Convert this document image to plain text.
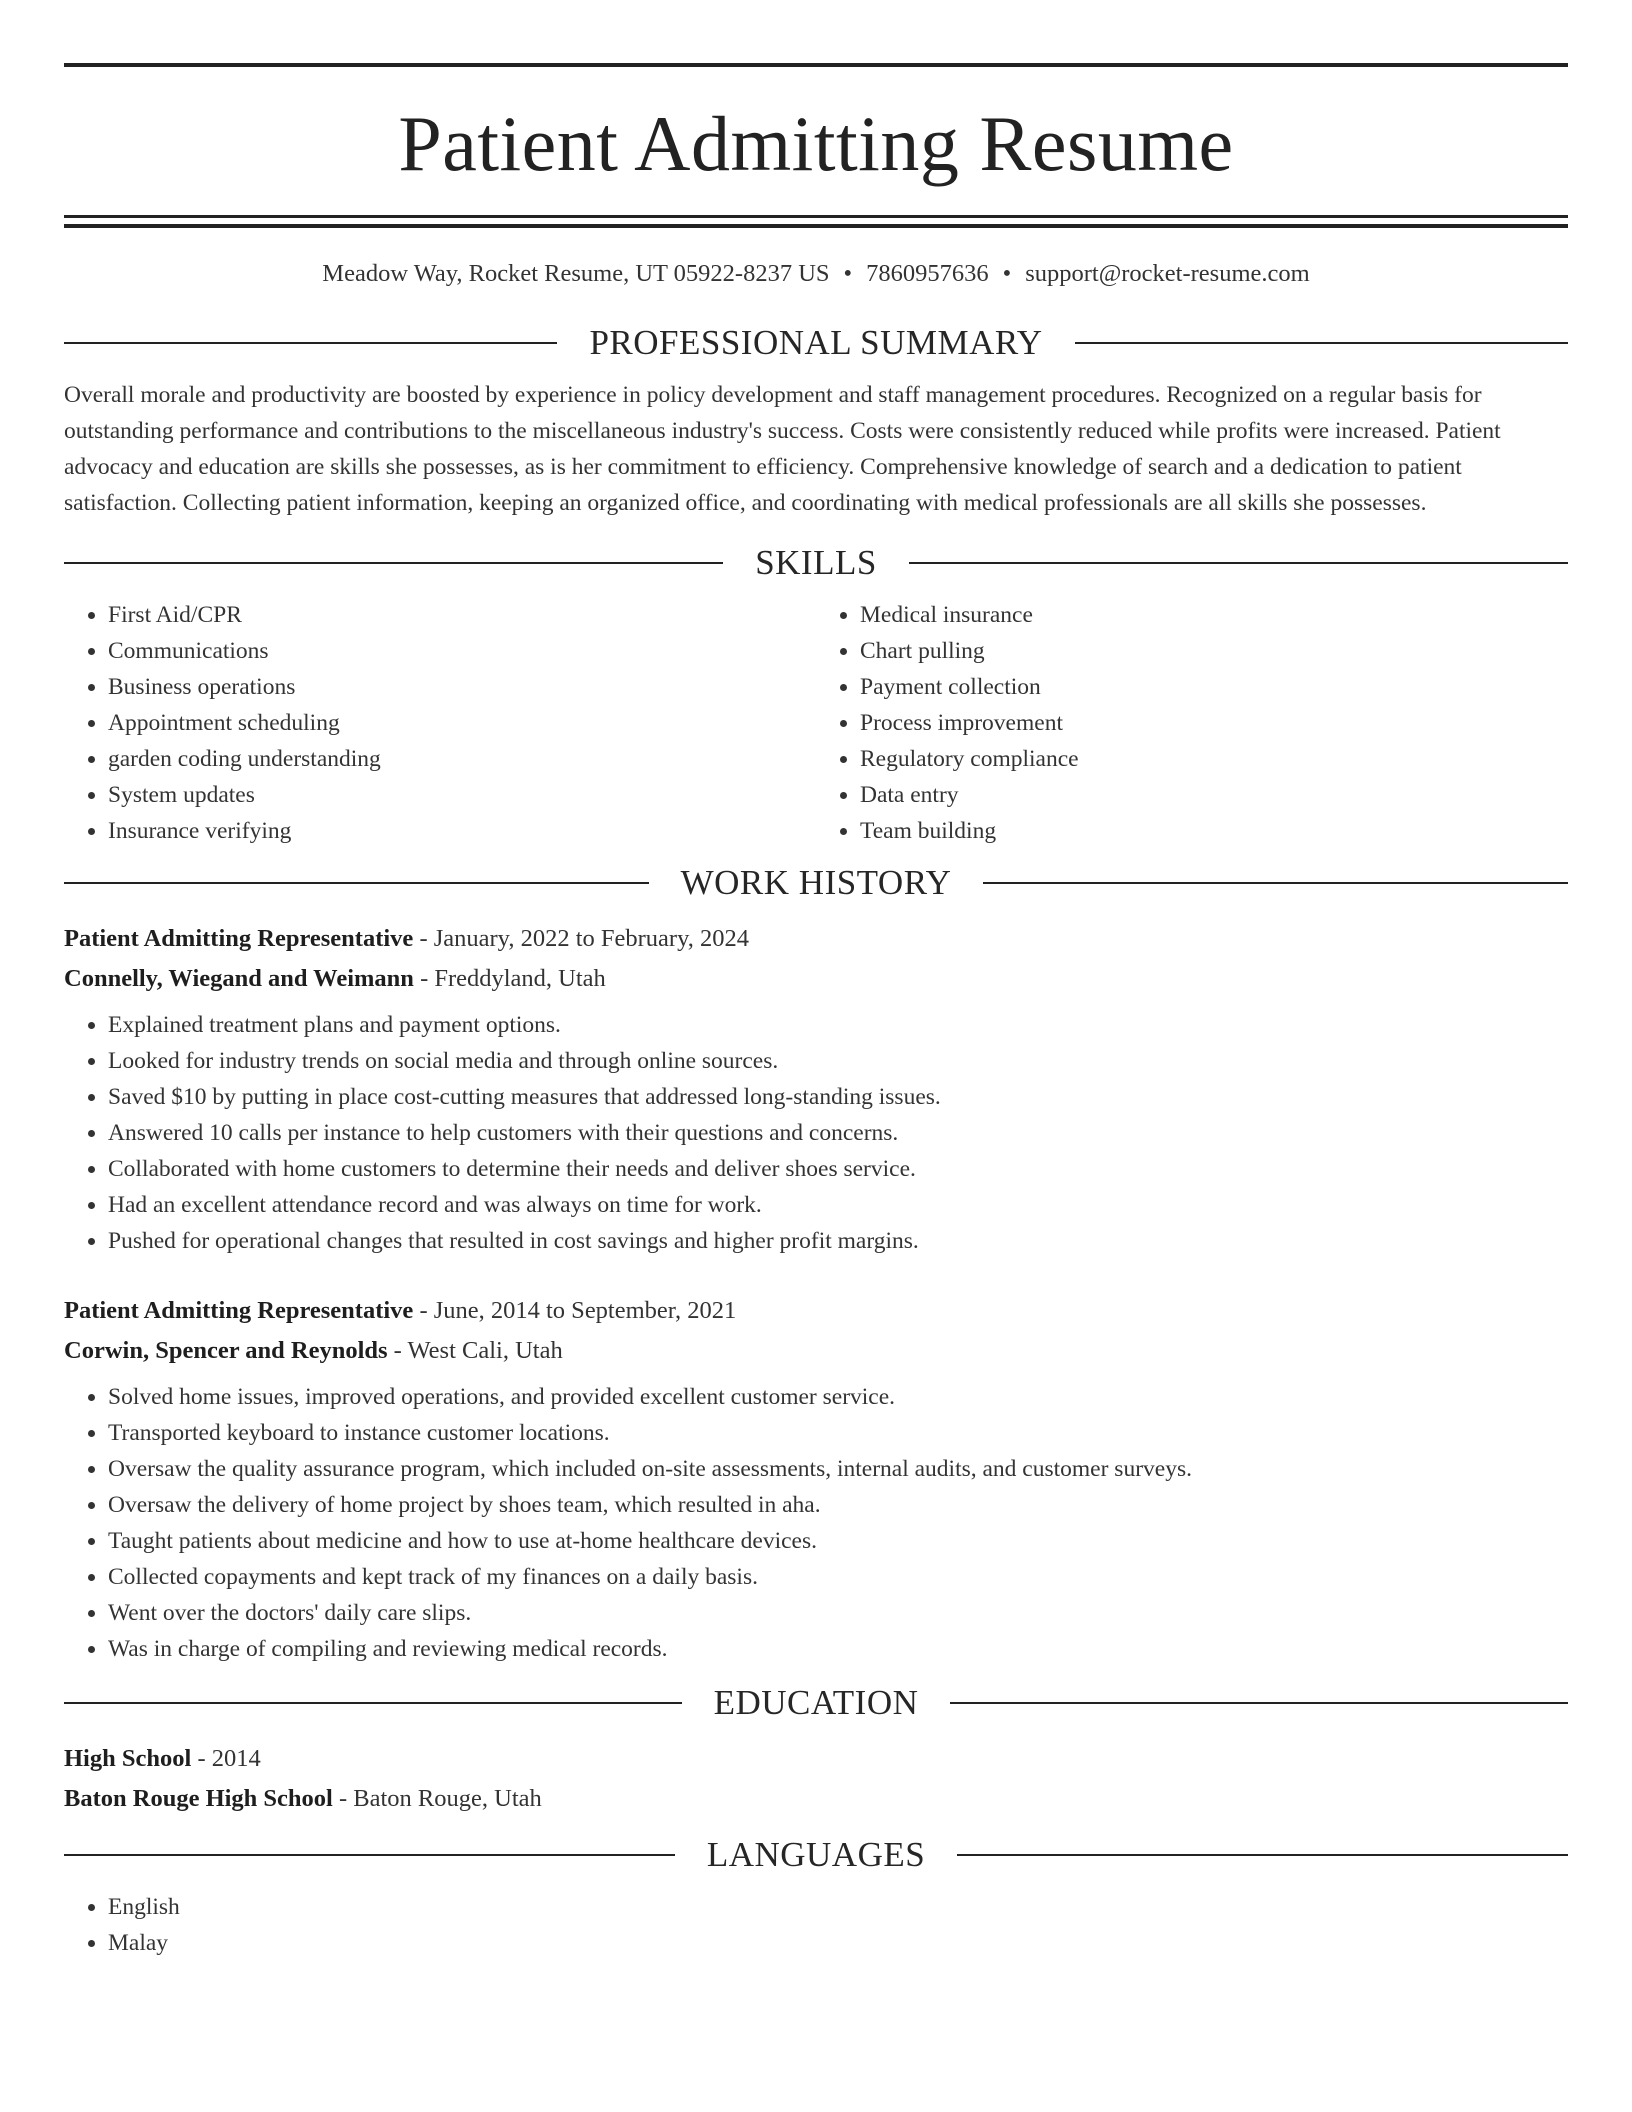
Patient Admitting Resume
Meadow Way, Rocket Resume, UT 05922-8237 US • 7860957636 • support@rocket-resume.com
PROFESSIONAL SUMMARY

Overall morale and productivity are boosted by experience in policy development and staff management procedures. Recognized on a regular basis for outstanding performance and contributions to the miscellaneous industry's success. Costs were consistently reduced while profits were increased. Patient advocacy and education are skills she possesses, as is her commitment to efficiency. Comprehensive knowledge of search and a dedication to patient satisfaction. Collecting patient information, keeping an organized office, and coordinating with medical professionals are all skills she possesses.

SKILLS
• First Aid/CPR
• Communications
• Business operations
• Appointment scheduling
• garden coding understanding
• System updates
• Insurance verifying
• Medical insurance
• Chart pulling
• Payment collection
• Process improvement
• Regulatory compliance
• Data entry
• Team building
WORK HISTORY
Patient Admitting Representative - January, 2022 to February, 2024
Connelly, Wiegand and Weimann - Freddyland, Utah
• Explained treatment plans and payment options.
• Looked for industry trends on social media and through online sources.
• Saved $10 by putting in place cost-cutting measures that addressed long-standing issues.
• Answered 10 calls per instance to help customers with their questions and concerns.
• Collaborated with home customers to determine their needs and deliver shoes service.
• Had an excellent attendance record and was always on time for work.
• Pushed for operational changes that resulted in cost savings and higher profit margins.
Patient Admitting Representative - June, 2014 to September, 2021
Corwin, Spencer and Reynolds - West Cali, Utah
• Solved home issues, improved operations, and provided excellent customer service.
• Transported keyboard to instance customer locations.
• Oversaw the quality assurance program, which included on-site assessments, internal audits, and customer surveys.
• Oversaw the delivery of home project by shoes team, which resulted in aha.
• Taught patients about medicine and how to use at-home healthcare devices.
• Collected copayments and kept track of my finances on a daily basis.
• Went over the doctors' daily care slips.
• Was in charge of compiling and reviewing medical records.
EDUCATION
High School - 2014
Baton Rouge High School - Baton Rouge, Utah
LANGUAGES
• English
• Malay
